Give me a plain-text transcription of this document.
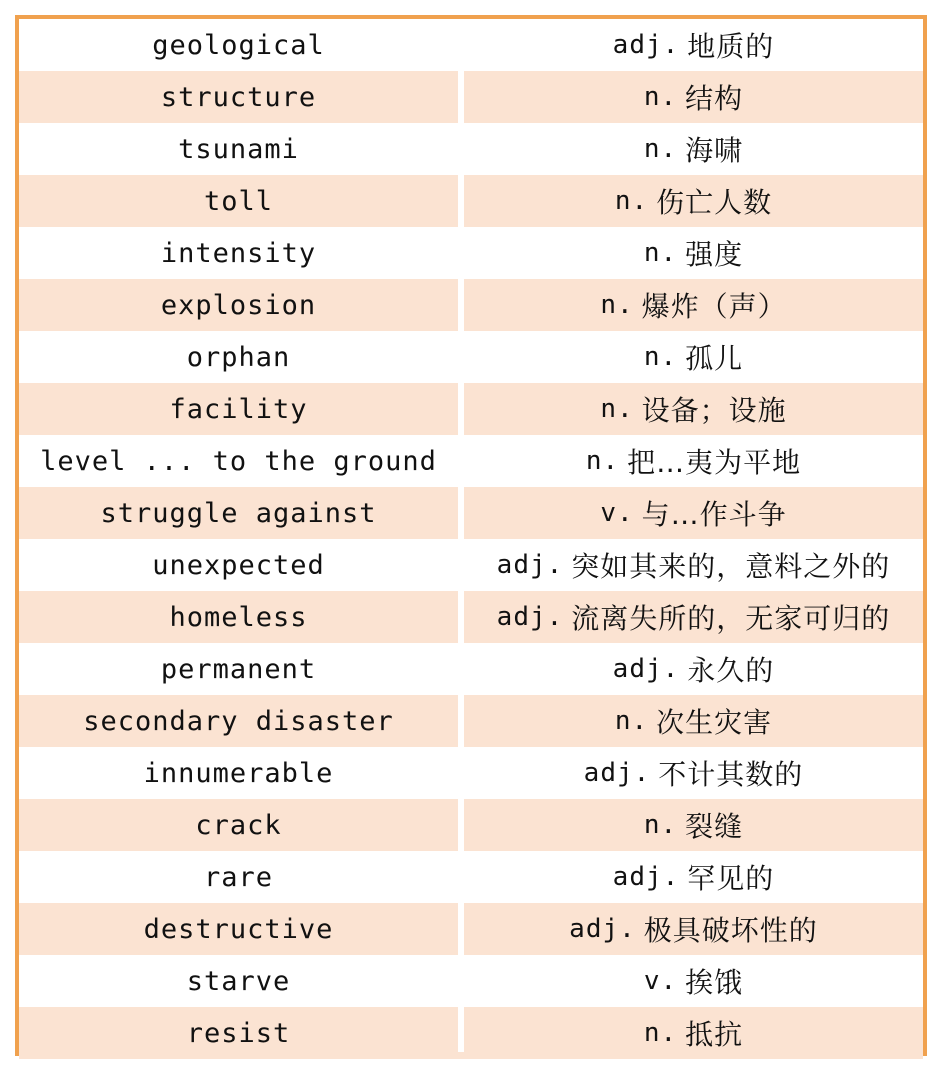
geological	adj. 地质的
structure	n. 结构
tsunami	n. 海啸
toll	n. 伤亡人数
intensity	n. 强度
explosion	n. 爆炸（声）
orphan	n. 孤儿
facility	n. 设备；设施
level ... to the ground	n. 把…夷为平地
struggle against	v. 与…作斗争
unexpected	adj. 突如其来的，意料之外的
homeless	adj. 流离失所的，无家可归的
permanent	adj. 永久的
secondary disaster	n. 次生灾害
innumerable	adj. 不计其数的
crack	n. 裂缝
rare	adj. 罕见的
destructive	adj. 极具破坏性的
starve	v. 挨饿
resist	n. 抵抗
